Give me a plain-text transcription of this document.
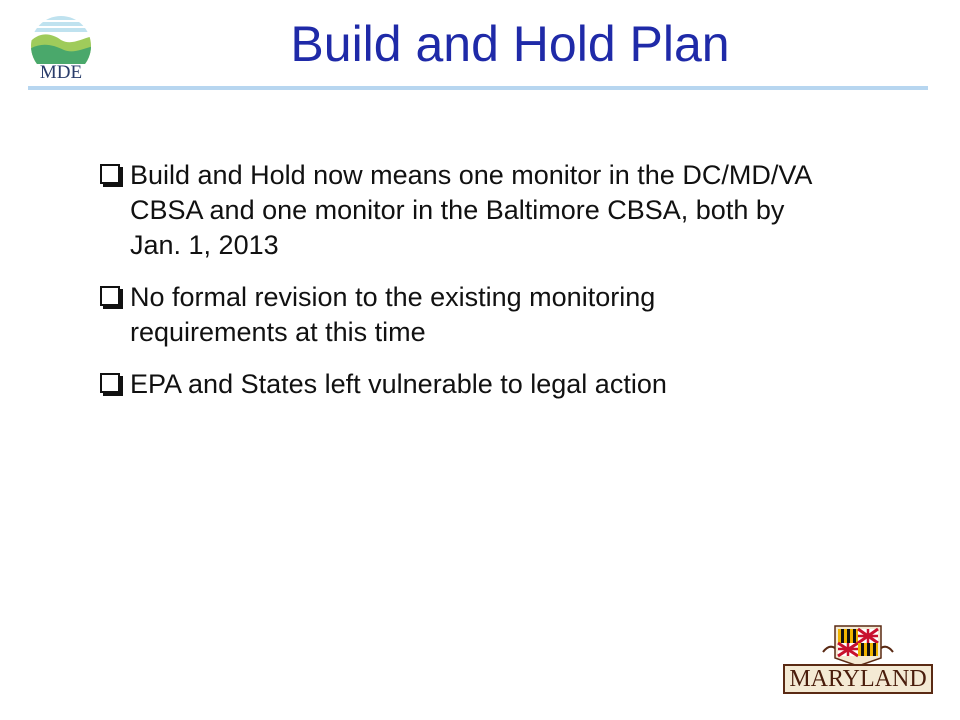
MDE
Build and Hold Plan
Build and Hold now means one monitor in the DC/MD/VA CBSA and one monitor in the Baltimore CBSA, both by Jan. 1, 2013
No formal revision to the existing monitoring requirements at this time
EPA and States left vulnerable to legal action
MARYLAND
